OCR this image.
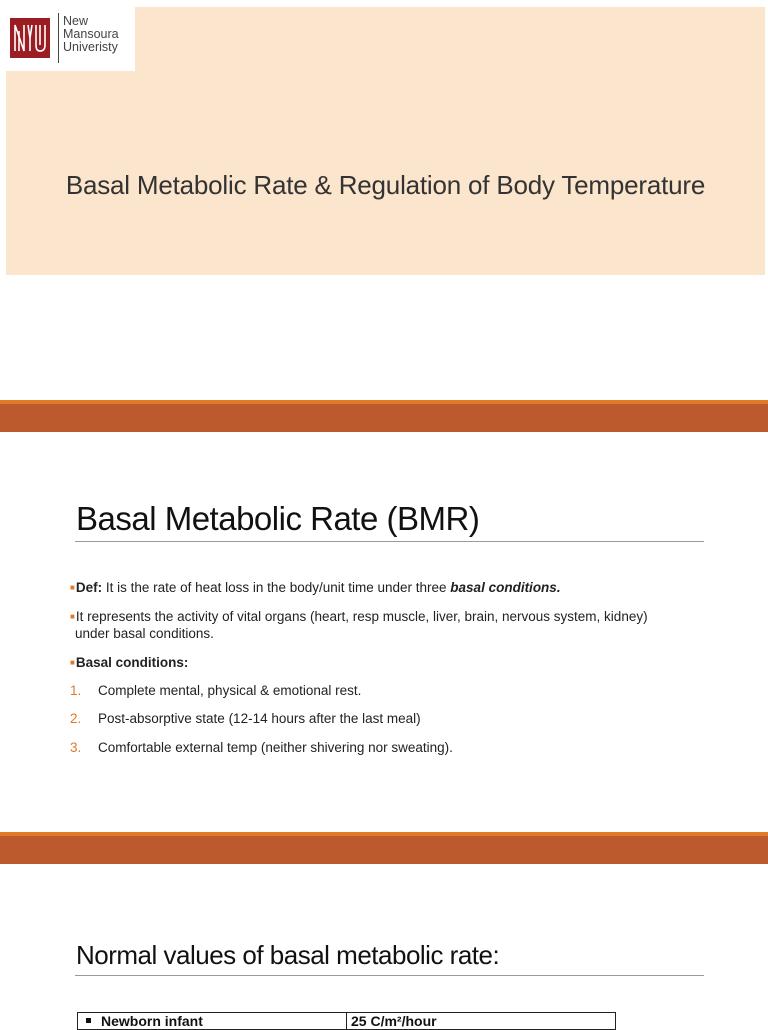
New
Mansoura
Univeristy
Basal Metabolic Rate & Regulation of Body Temperature
Basal Metabolic Rate (BMR)
■Def: It is the rate of heat loss in the body/unit time under three basal conditions.
■It represents the activity of vital organs (heart, resp muscle, liver, brain, nervous system, kidney)
under basal conditions.
■Basal conditions:
1. Complete mental, physical & emotional rest.
2. Post-absorptive state (12-14 hours after the last meal)
3. Comfortable external temp (neither shivering nor sweating).
Normal values of basal metabolic rate:
Newborn infant	25 C/m²/hour
